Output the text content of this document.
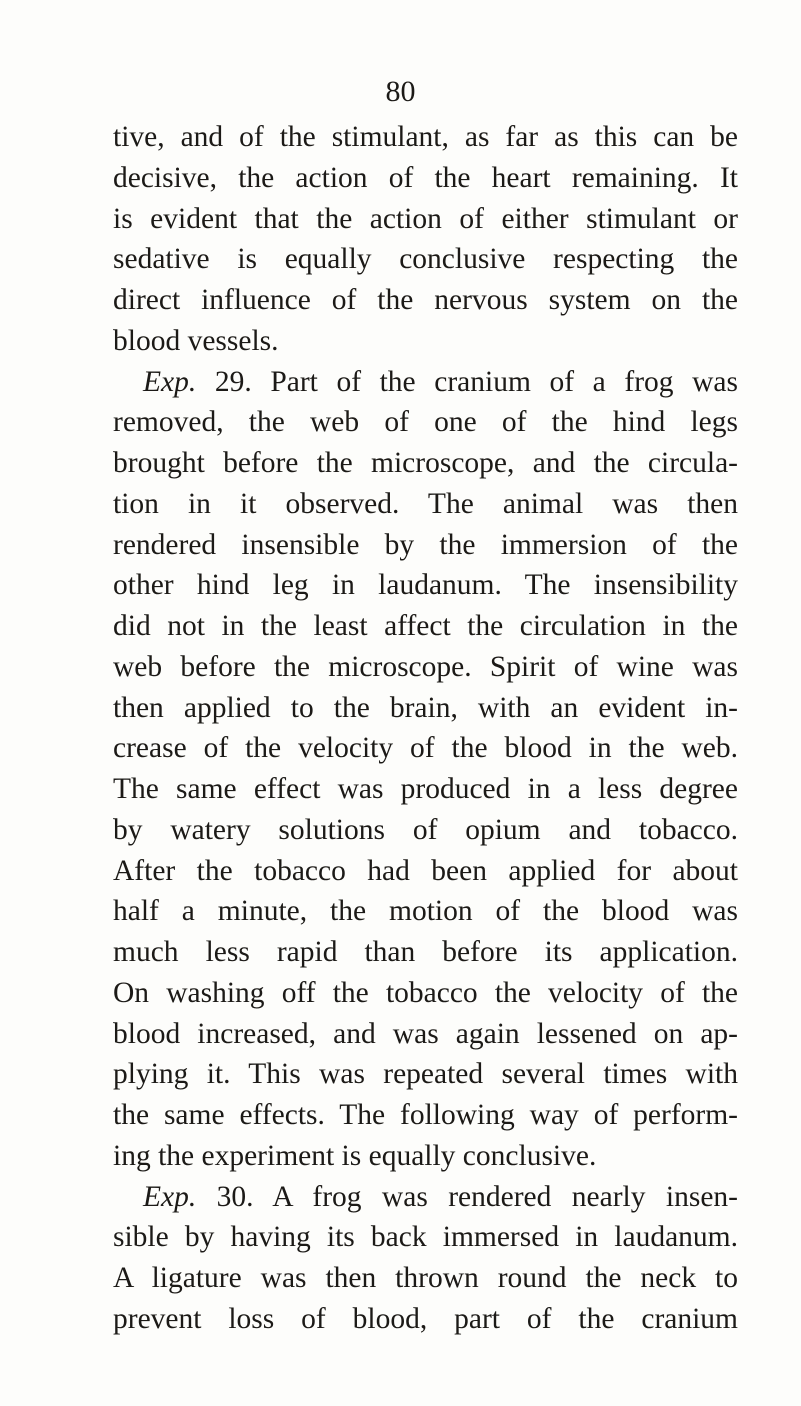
80
tive, and of the stimulant, as far as this can be
decisive, the action of the heart remaining. It
is evident that the action of either stimulant or
sedative is equally conclusive respecting the
direct influence of the nervous system on the
blood vessels.
Exp. 29. Part of the cranium of a frog was
removed, the web of one of the hind legs
brought before the microscope, and the circula-
tion in it observed. The animal was then
rendered insensible by the immersion of the
other hind leg in laudanum. The insensibility
did not in the least affect the circulation in the
web before the microscope. Spirit of wine was
then applied to the brain, with an evident in-
crease of the velocity of the blood in the web.
The same effect was produced in a less degree
by watery solutions of opium and tobacco.
After the tobacco had been applied for about
half a minute, the motion of the blood was
much less rapid than before its application.
On washing off the tobacco the velocity of the
blood increased, and was again lessened on ap-
plying it. This was repeated several times with
the same effects. The following way of perform-
ing the experiment is equally conclusive.
Exp. 30. A frog was rendered nearly insen-
sible by having its back immersed in laudanum.
A ligature was then thrown round the neck to
prevent loss of blood, part of the cranium
